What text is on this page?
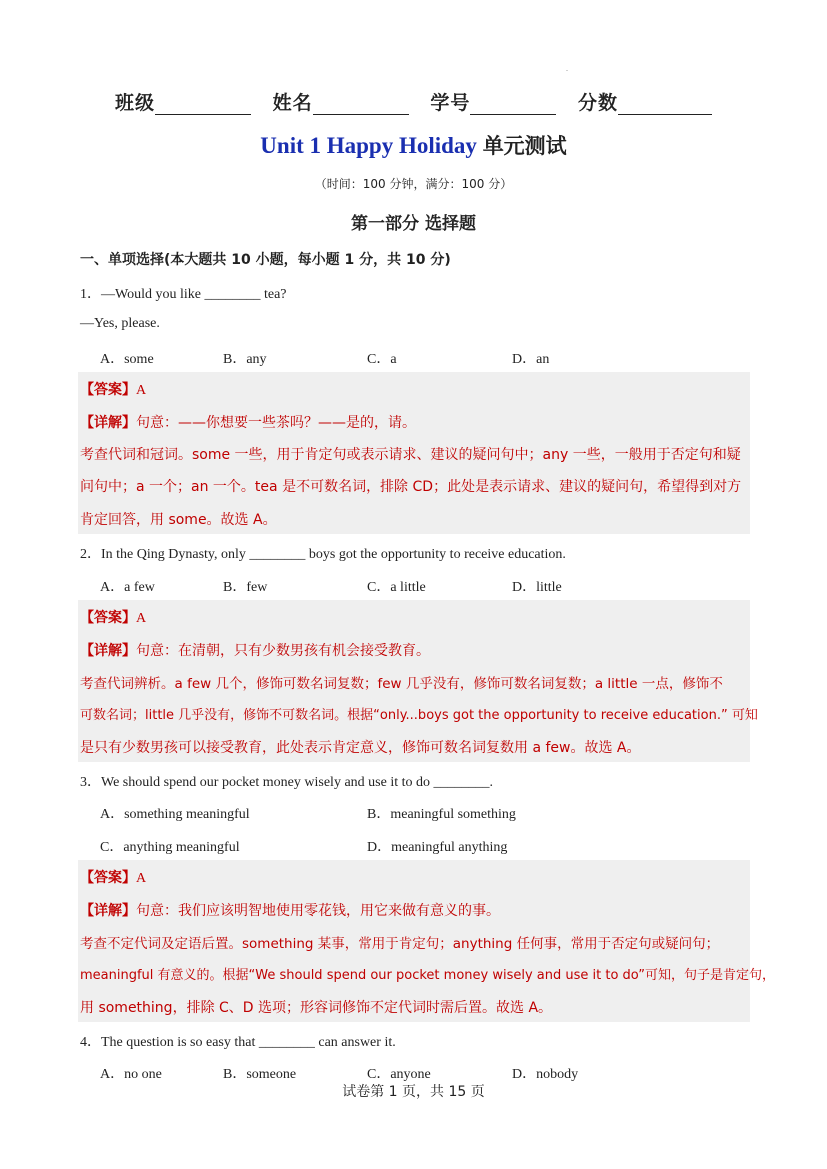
.
班级	姓名	学号	分数
Unit 1 Happy Holiday 单元测试
（时间：100 分钟，满分：100 分）
第一部分 选择题
一、单项选择(本大题共 10 小题，每小题 1 分，共 10 分)
1．—Would you like ________ tea?
—Yes, please.
A．some	B．any	C．a	D．an
【答案】A
【详解】句意：——你想要一些茶吗？——是的，请。
考查代词和冠词。some 一些，用于肯定句或表示请求、建议的疑问句中；any 一些，一般用于否定句和疑
问句中；a 一个；an 一个。tea 是不可数名词，排除 CD；此处是表示请求、建议的疑问句，希望得到对方
肯定回答，用 some。故选 A。
2．In the Qing Dynasty, only ________ boys got the opportunity to receive education.
A．a few	B．few	C．a little	D．little
【答案】A
【详解】句意：在清朝，只有少数男孩有机会接受教育。
考查代词辨析。a few 几个，修饰可数名词复数；few 几乎没有，修饰可数名词复数；a little 一点，修饰不
可数名词；little 几乎没有，修饰不可数名词。根据“only...boys got the opportunity to receive education.” 可知
是只有少数男孩可以接受教育，此处表示肯定意义，修饰可数名词复数用 a few。故选 A。
3．We should spend our pocket money wisely and use it to do ________.
A．something meaningful	B．meaningful something
C．anything meaningful	D．meaningful anything
【答案】A
【详解】句意：我们应该明智地使用零花钱，用它来做有意义的事。
考查不定代词及定语后置。something 某事，常用于肯定句；anything 任何事，常用于否定句或疑问句；
meaningful 有意义的。根据“We should spend our pocket money wisely and use it to do”可知，句子是肯定句，
用 something，排除 C、D 选项；形容词修饰不定代词时需后置。故选 A。
4．The question is so easy that ________ can answer it.
A．no one	B．someone	C．anyone	D．nobody
试卷第 1 页，共 15 页
